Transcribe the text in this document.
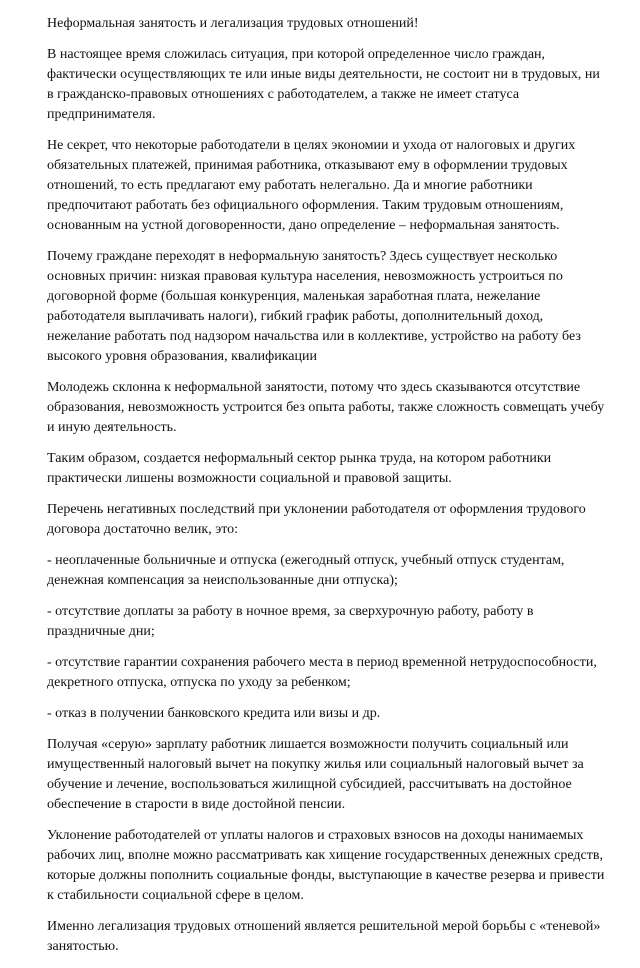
Неформальная занятость и легализация трудовых отношений!

В настоящее время сложилась ситуация, при которой определенное число граждан, фактически осуществляющих те или иные виды деятельности, не состоит ни в трудовых, ни в гражданско-правовых отношениях с работодателем, а также не имеет статуса предпринимателя.

Не секрет, что некоторые работодатели в целях экономии и ухода от налоговых и других обязательных платежей, принимая работника, отказывают ему в оформлении трудовых отношений, то есть предлагают ему работать нелегально. Да и многие работники предпочитают работать без официального оформления. Таким трудовым отношениям, основанным на устной договоренности, дано определение – неформальная занятость.

Почему граждане переходят в неформальную занятость? Здесь существует несколько основных причин: низкая правовая культура населения, невозможность устроиться по договорной форме (большая конкуренция, маленькая заработная плата, нежелание работодателя выплачивать налоги), гибкий график работы, дополнительный доход, нежелание работать под надзором начальства или в коллективе, устройство на работу без высокого уровня образования, квалификации

Молодежь склонна к неформальной занятости, потому что здесь сказываются отсутствие образования, невозможность устроится без опыта работы, также сложность совмещать учебу и иную деятельность.

Таким образом, создается неформальный сектор рынка труда, на котором работники практически лишены возможности социальной и правовой защиты.

Перечень негативных последствий при уклонении работодателя от оформления трудового договора достаточно велик, это:

- неоплаченные больничные и отпуска (ежегодный отпуск, учебный отпуск студентам, денежная компенсация за неиспользованные дни отпуска);

- отсутствие доплаты за работу в ночное время, за сверхурочную работу, работу в праздничные дни;

- отсутствие гарантии сохранения рабочего места в период временной нетрудоспособности, декретного отпуска, отпуска по уходу за ребенком;

- отказ в получении банковского кредита или визы и др.

Получая «серую» зарплату работник лишается возможности получить социальный или имущественный налоговый вычет на покупку жилья или социальный налоговый вычет за обучение и лечение, воспользоваться жилищной субсидией, рассчитывать на достойное обеспечение в старости в виде достойной пенсии.

Уклонение работодателей от уплаты налогов и страховых взносов на доходы нанимаемых рабочих лиц, вполне можно рассматривать как хищение государственных денежных средств, которые должны пополнить социальные фонды, выступающие в качестве резерва и привести к стабильности социальной сфере в целом.

Именно легализация трудовых отношений является решительной мерой борьбы с «теневой» занятостью.
